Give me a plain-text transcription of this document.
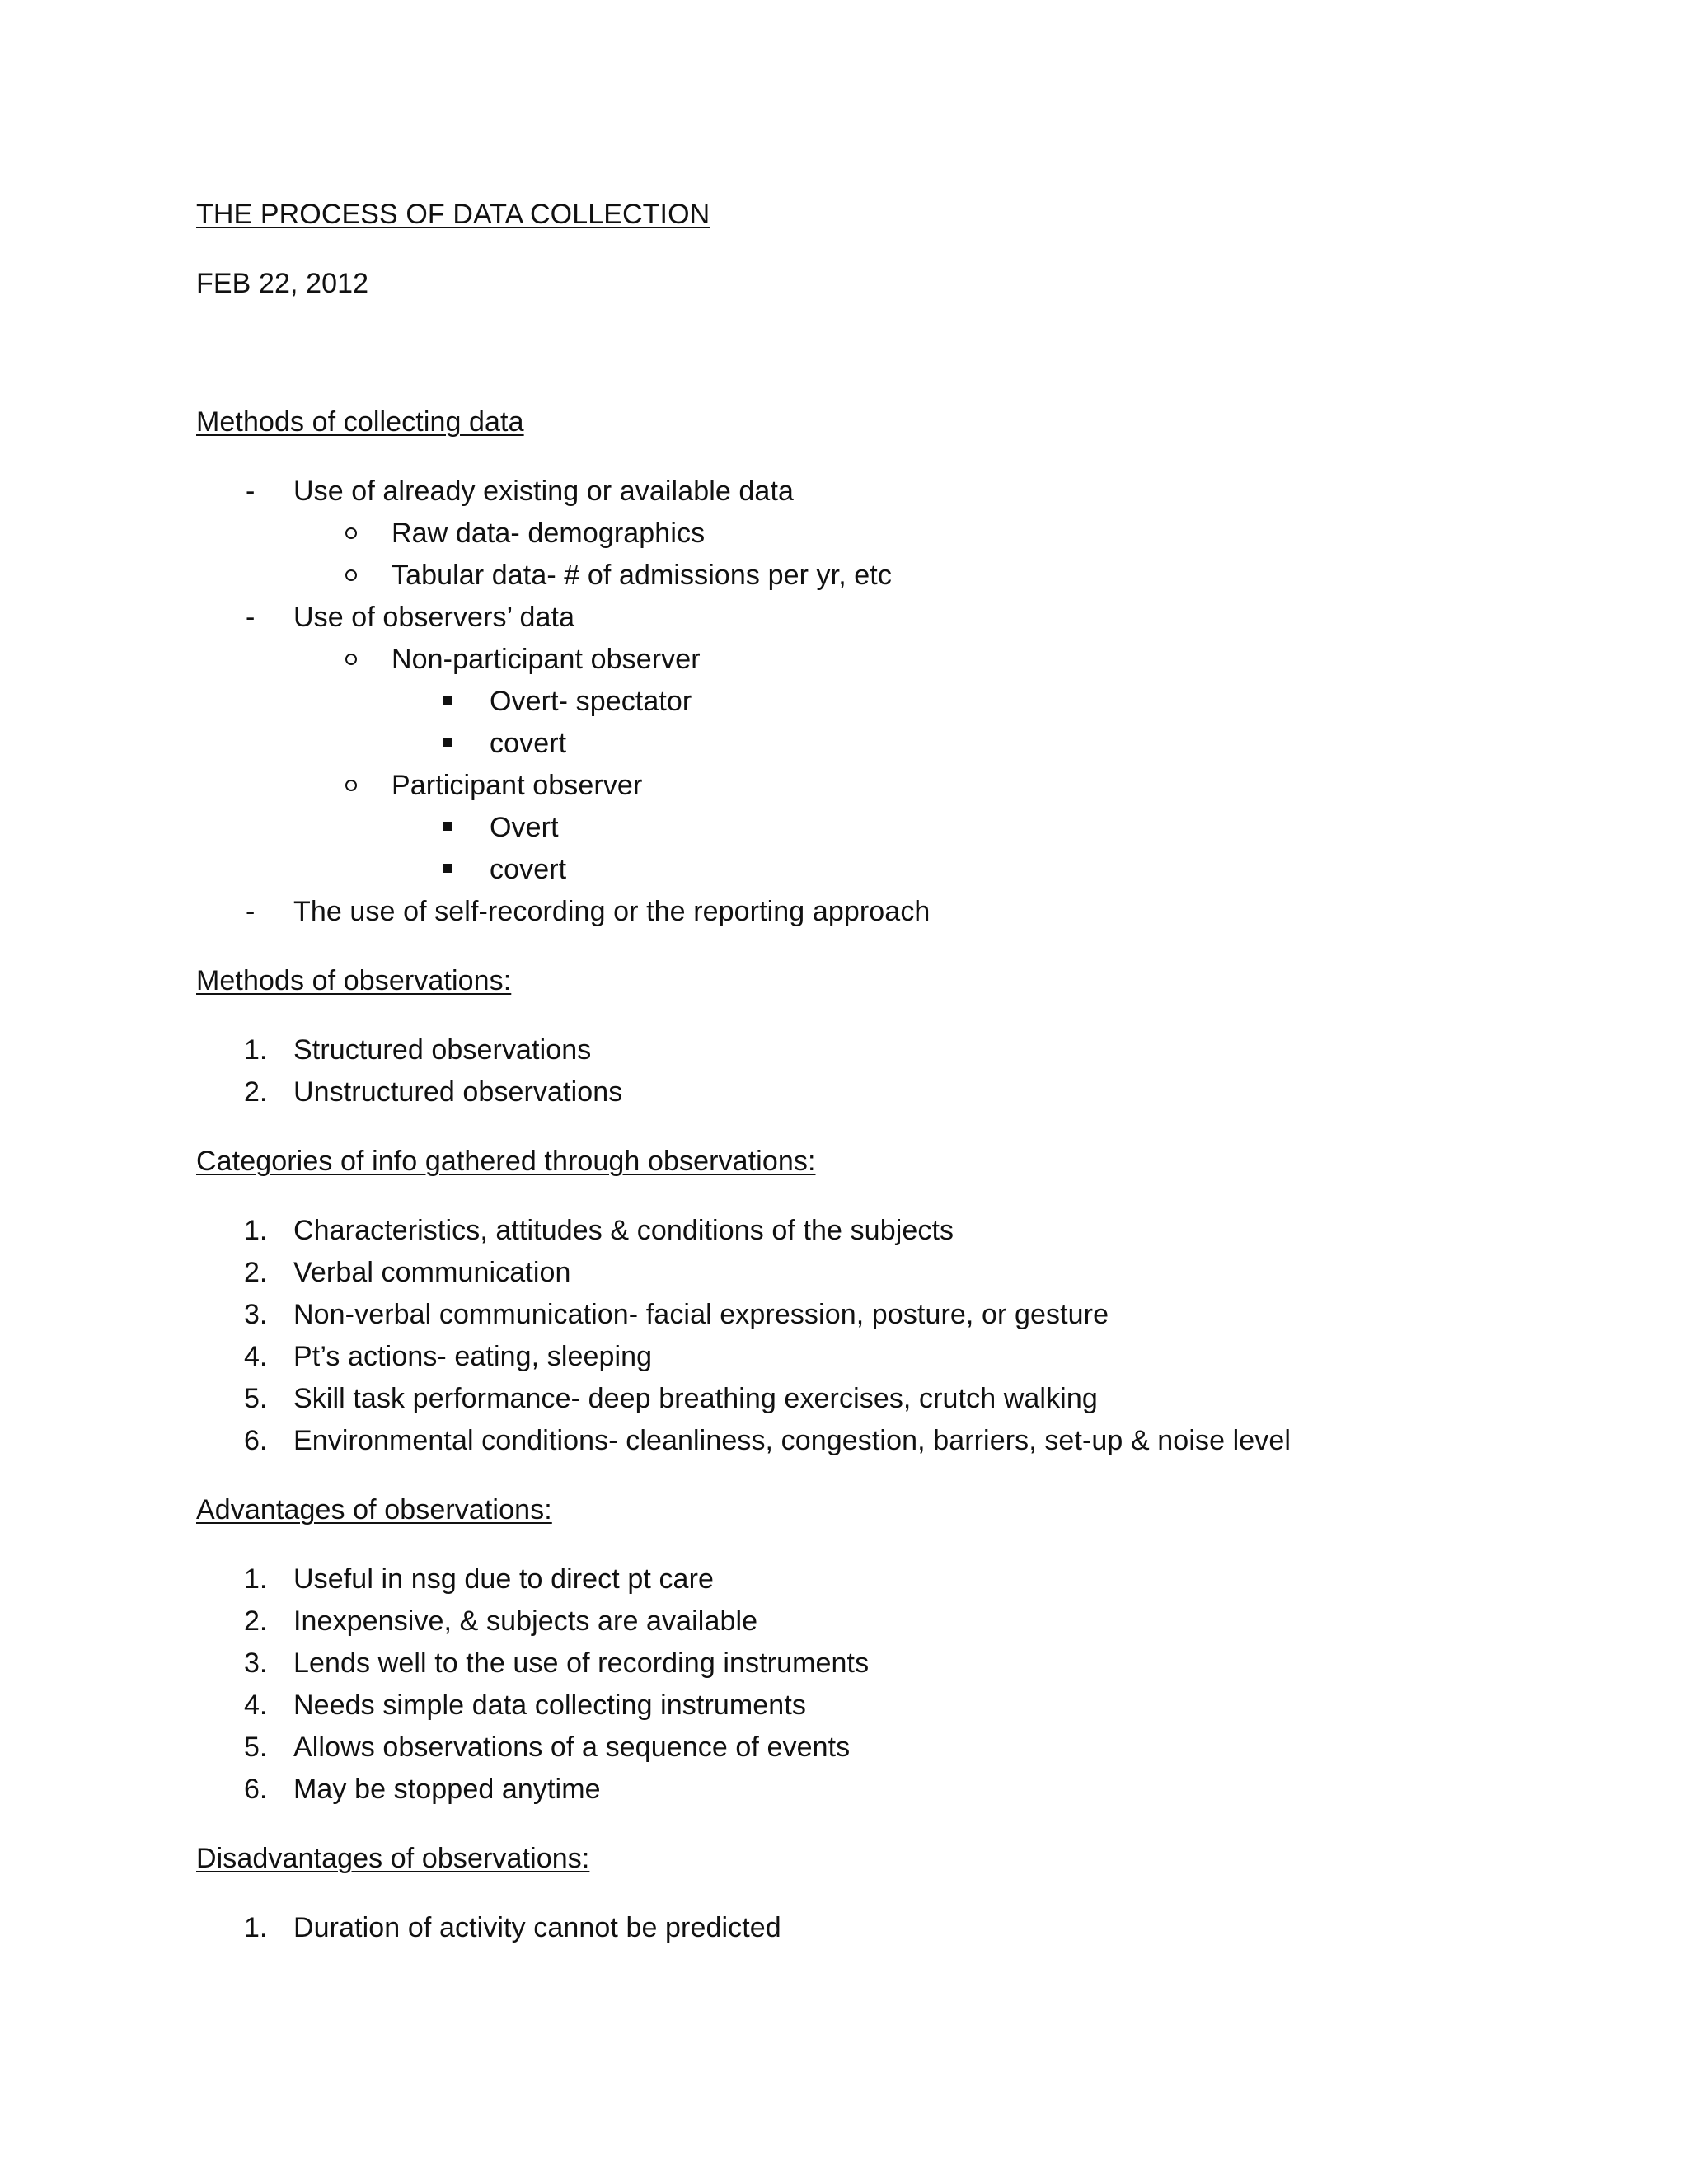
THE PROCESS OF DATA COLLECTION
FEB 22, 2012
Methods of collecting data
- Use of already existing or available data
Raw data- demographics
Tabular data- # of admissions per yr, etc
- Use of observers’ data
Non-participant observer
Overt- spectator
covert
Participant observer
Overt
covert
- The use of self-recording or the reporting approach
Methods of observations:
1. Structured observations
2. Unstructured observations
Categories of info gathered through observations:
1. Characteristics, attitudes & conditions of the subjects
2. Verbal communication
3. Non-verbal communication- facial expression, posture, or gesture
4. Pt’s actions- eating, sleeping
5. Skill task performance- deep breathing exercises, crutch walking
6. Environmental conditions- cleanliness, congestion, barriers, set-up & noise level
Advantages of observations:
1. Useful in nsg due to direct pt care
2. Inexpensive, & subjects are available
3. Lends well to the use of recording instruments
4. Needs simple data collecting instruments
5. Allows observations of a sequence of events
6. May be stopped anytime
Disadvantages of observations:
1. Duration of activity cannot be predicted
